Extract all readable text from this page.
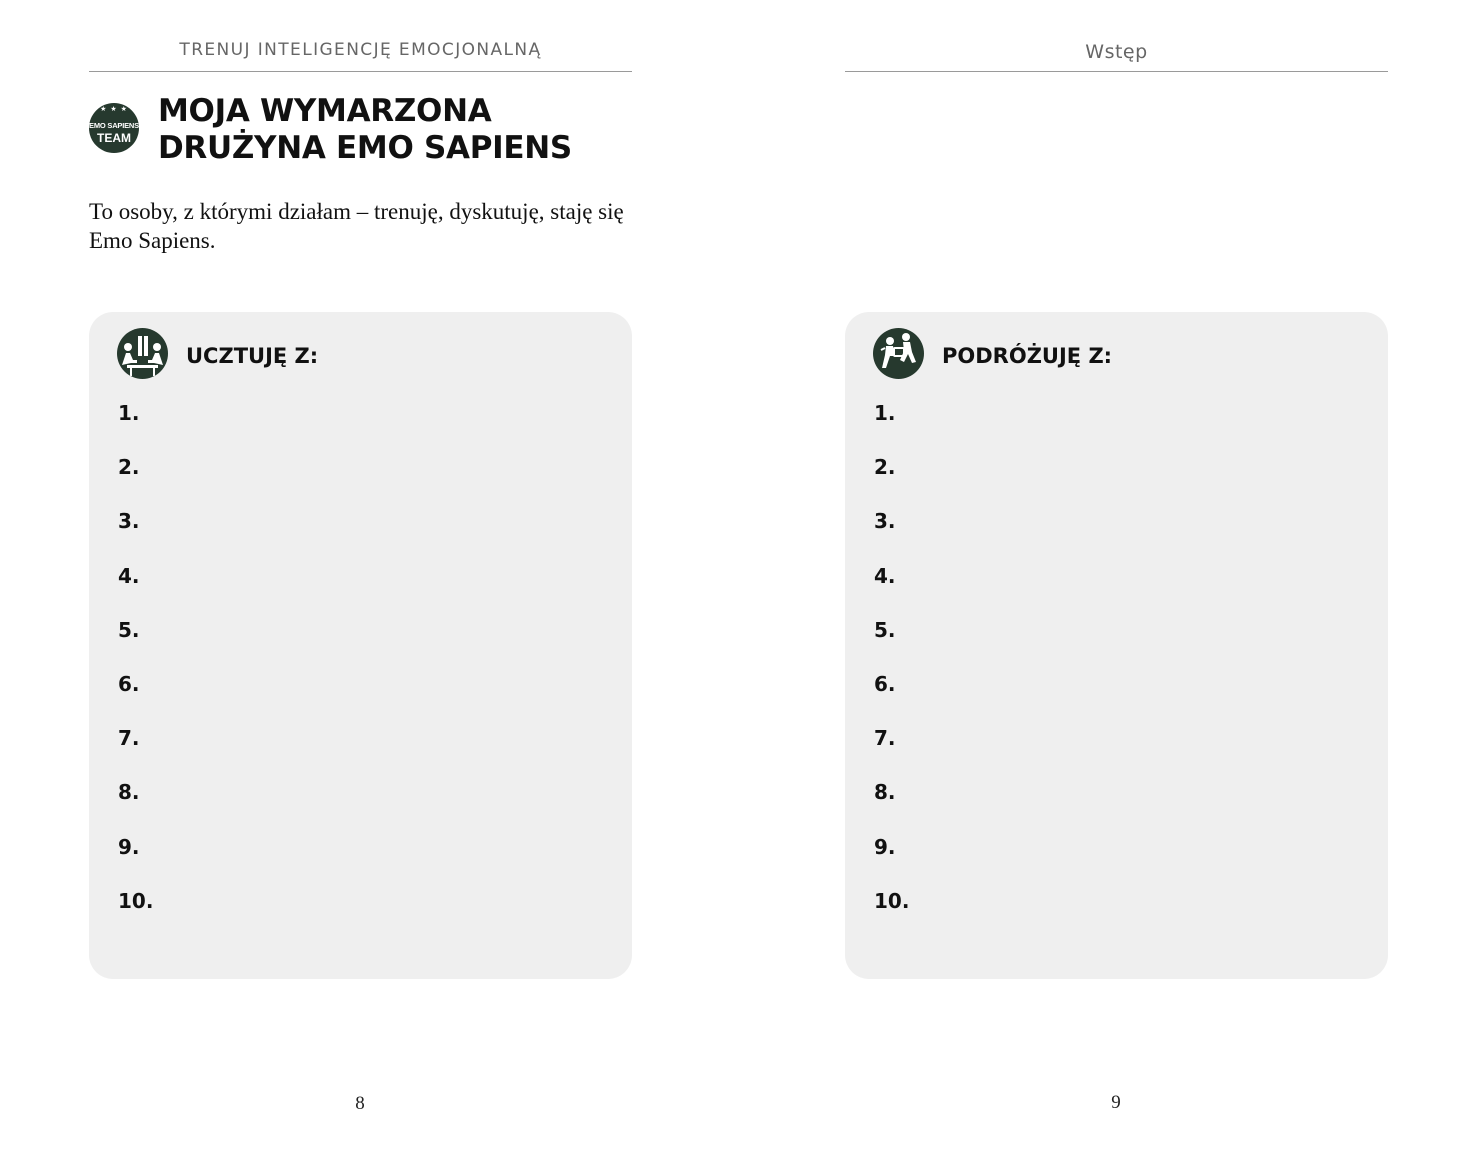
TRENUJ INTELIGENCJĘ EMOCJONALNĄ
★ ★ ★ ★ ★
EMO SAPIENS
TEAM
MOJA WYMARZONA
DRUŻYNA EMO SAPIENS

To osoby, z którymi działam – trenuję, dyskutuję, staję się Emo Sapiens.

UCZTUJĘ Z:
1.
2.
3.
4.
5.
6.
7.
8.
9.
10.
8
Wstęp
PODRÓŻUJĘ Z:
1.
2.
3.
4.
5.
6.
7.
8.
9.
10.
9
